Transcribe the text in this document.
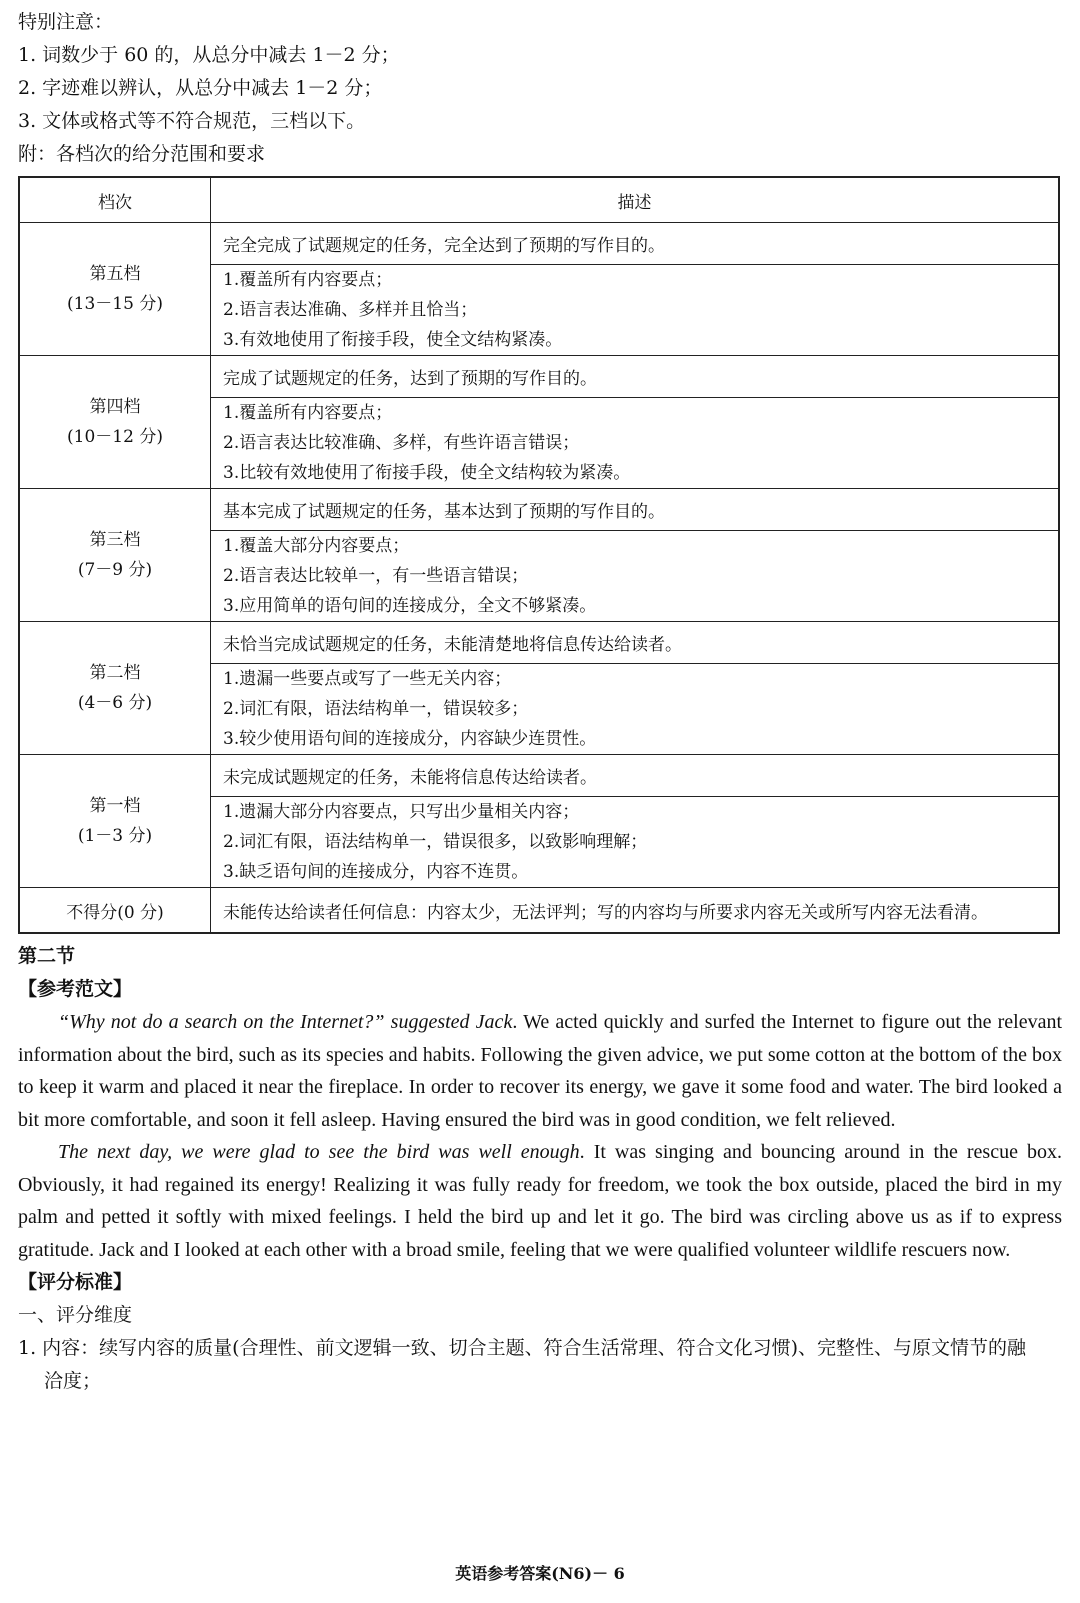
特别注意：

1. 词数少于 60 的，从总分中减去 1－2 分；

2. 字迹难以辨认，从总分中减去 1－2 分；

3. 文体或格式等不符合规范，三档以下。

附：各档次的给分范围和要求

档次	描述

第五档
(13－15 分)	完全完成了试题规定的任务，完全达到了预期的写作目的。

	1.覆盖所有内容要点；
2.语言表达准确、多样并且恰当；
3.有效地使用了衔接手段，使全文结构紧凑。

第四档
(10－12 分)	完成了试题规定的任务，达到了预期的写作目的。

	1.覆盖所有内容要点；
2.语言表达比较准确、多样，有些许语言错误；
3.比较有效地使用了衔接手段，使全文结构较为紧凑。

第三档
(7－9 分)	基本完成了试题规定的任务，基本达到了预期的写作目的。

	1.覆盖大部分内容要点；
2.语言表达比较单一，有一些语言错误；
3.应用简单的语句间的连接成分，全文不够紧凑。

第二档
(4－6 分)	未恰当完成试题规定的任务，未能清楚地将信息传达给读者。

	1.遗漏一些要点或写了一些无关内容；
2.词汇有限，语法结构单一，错误较多；
3.较少使用语句间的连接成分，内容缺少连贯性。

第一档
(1－3 分)	未完成试题规定的任务，未能将信息传达给读者。

	1.遗漏大部分内容要点，只写出少量相关内容；
2.词汇有限，语法结构单一，错误很多，以致影响理解；
3.缺乏语句间的连接成分，内容不连贯。

不得分(0 分)	未能传达给读者任何信息：内容太少，无法评判；写的内容均与所要求内容无关或所写内容无法看清。

第二节

【参考范文】

“Why not do a search on the Internet?” suggested Jack. We acted quickly and surfed the Internet to figure out the relevant information about the bird, such as its species and habits. Following the given advice, we put some cotton at the bottom of the box to keep it warm and placed it near the fireplace. In order to recover its energy, we gave it some food and water. The bird looked a bit more comfortable, and soon it fell asleep. Having ensured the bird was in good condition, we felt relieved.

The next day, we were glad to see the bird was well enough. It was singing and bouncing around in the rescue box. Obviously, it had regained its energy! Realizing it was fully ready for freedom, we took the box outside, placed the bird in my palm and petted it softly with mixed feelings. I held the bird up and let it go. The bird was circling above us as if to express gratitude. Jack and I looked at each other with a broad smile, feeling that we were qualified volunteer wildlife rescuers now.

【评分标准】

一、评分维度

1. 内容：续写内容的质量(合理性、前文逻辑一致、切合主题、符合生活常理、符合文化习惯)、完整性、与原文情节的融

洽度；

英语参考答案(N6)－ 6
